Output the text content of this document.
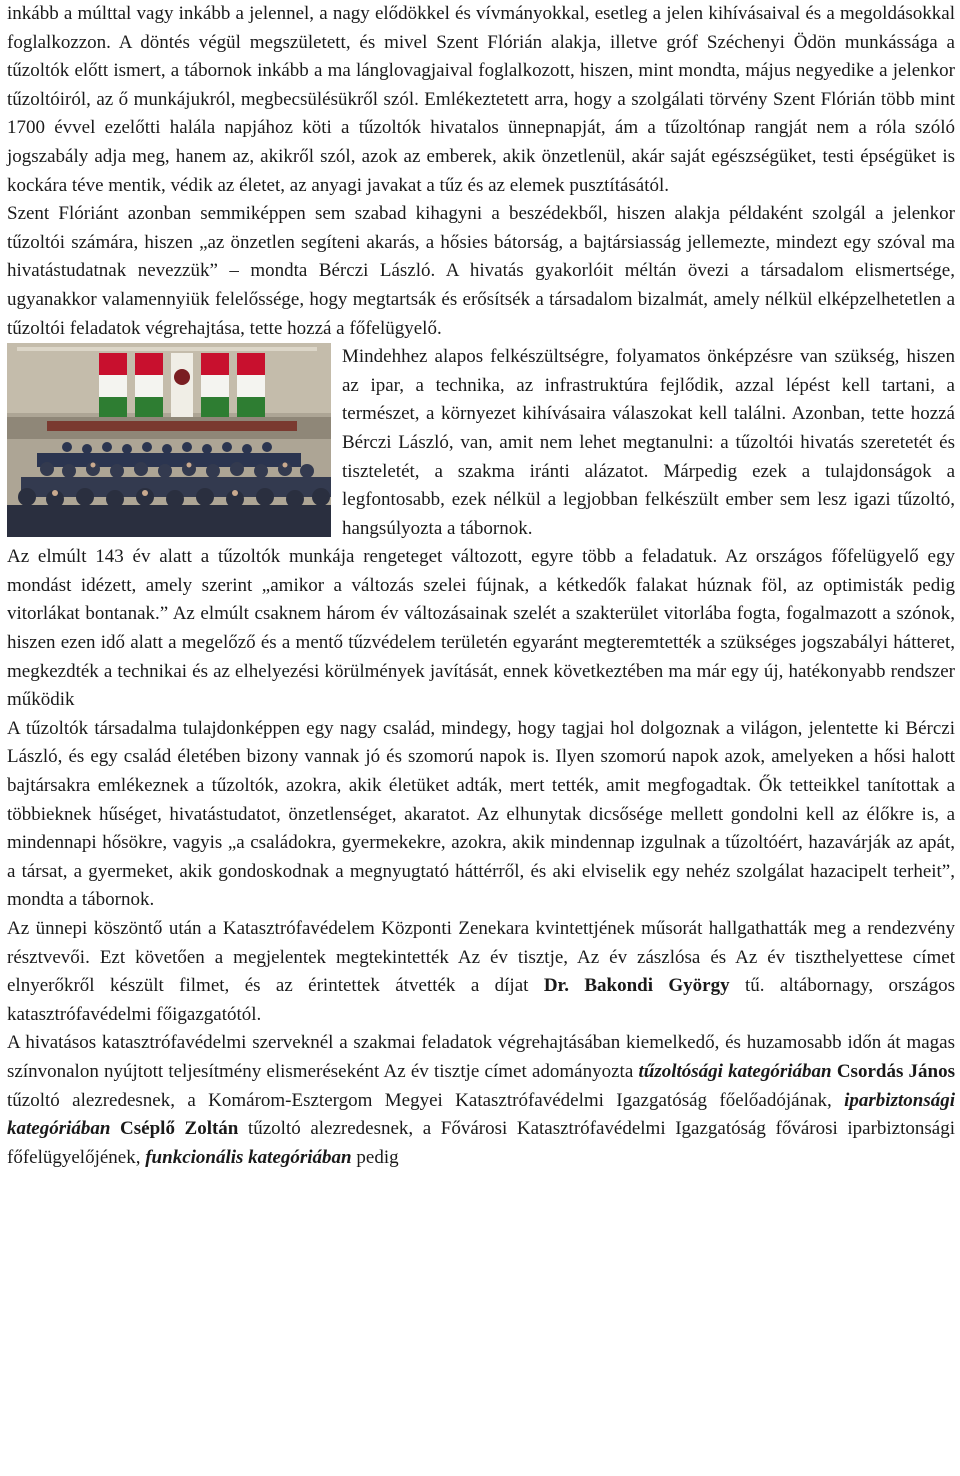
inkább a múlttal vagy inkább a jelennel, a nagy elődökkel és vívmányokkal, esetleg a jelen kihívásaival és a megoldásokkal foglalkozzon. A döntés végül megszületett, és mivel Szent Flórián alakja, illetve gróf Széchenyi Ödön munkássága a tűzoltók előtt ismert, a tábornok inkább a ma lánglovagjaival foglalkozott, hiszen, mint mondta, május negyedike a jelenkor tűzoltóiról, az ő munkájukról, megbecsülésükről szól. Emlékeztetett arra, hogy a szolgálati törvény Szent Flórián több mint 1700 évvel ezelőtti halála napjához köti a tűzoltók hivatalos ünnepnapját, ám a tűzoltónap rangját nem a róla szóló jogszabály adja meg, hanem az, akikről szól, azok az emberek, akik önzetlenül, akár saját egészségüket, testi épségüket is kockára téve mentik, védik az életet, az anyagi javakat a tűz és az elemek pusztításától.

Szent Flóriánt azonban semmiképpen sem szabad kihagyni a beszédekből, hiszen alakja példaként szolgál a jelenkor tűzoltói számára, hiszen „az önzetlen segíteni akarás, a hősies bátorság, a bajtársiasság jellemezte, mindezt egy szóval ma hivatástudatnak nevezzük” – mondta Bérczi László. A hivatás gyakorlóit méltán övezi a társadalom elismertsége, ugyanakkor valamennyiük felelőssége, hogy megtartsák és erősítsék a társadalom bizalmát, amely nélkül elképzelhetetlen a tűzoltói feladatok végrehajtása, tette hozzá a főfelügyelő.

Mindehhez alapos felkészültségre, folyamatos önképzésre van szükség, hiszen az ipar, a technika, az infrastruktúra fejlődik, azzal lépést kell tartani, a természet, a környezet kihívásaira válaszokat kell találni. Azonban, tette hozzá Bérczi László, van, amit nem lehet megtanulni: a tűzoltói hivatás szeretetét és tiszteletét, a szakma iránti alázatot. Márpedig ezek a tulajdonságok a legfontosabb, ezek nélkül a legjobban felkészült ember sem lesz igazi tűzoltó, hangsúlyozta a tábornok.

Az elmúlt 143 év alatt a tűzoltók munkája rengeteget változott, egyre több a feladatuk. Az országos főfelügyelő egy mondást idézett, amely szerint „amikor a változás szelei fújnak, a kétkedők falakat húznak föl, az optimisták pedig vitorlákat bontanak.” Az elmúlt csaknem három év változásainak szelét a szakterület vitorlába fogta, fogalmazott a szónok, hiszen ezen idő alatt a megelőző és a mentő tűzvédelem területén egyaránt megteremtették a szükséges jogszabályi hátteret, megkezdték a technikai és az elhelyezési körülmények javítását, ennek következtében ma már egy új, hatékonyabb rendszer működik

A tűzoltók társadalma tulajdonképpen egy nagy család, mindegy, hogy tagjai hol dolgoznak a világon, jelentette ki Bérczi László, és egy család életében bizony vannak jó és szomorú napok is. Ilyen szomorú napok azok, amelyeken a hősi halott bajtársakra emlékeznek a tűzoltók, azokra, akik életüket adták, mert tették, amit megfogadtak. Ők tetteikkel tanítottak a többieknek hűséget, hivatástudatot, önzetlenséget, akaratot. Az elhunytak dicsősége mellett gondolni kell az élőkre is, a mindennapi hősökre, vagyis „a családokra, gyermekekre, azokra, akik mindennap izgulnak a tűzoltóért, hazavárják az apát, a társat, a gyermeket, akik gondoskodnak a megnyugtató háttérről, és aki elviselik egy nehéz szolgálat hazacipelt terheit”, mondta a tábornok.

Az ünnepi köszöntő után a Katasztrófavédelem Központi Zenekara kvintettjének műsorát hallgathatták meg a rendezvény résztvevői. Ezt követően a megjelentek megtekintették Az év tisztje, Az év zászlósa és Az év tiszthelyettese címet elnyerőkről készült filmet, és az érintettek átvették a díjat Dr. Bakondi György tű. altábornagy, országos katasztrófavédelmi főigazgatótól.

A hivatásos katasztrófavédelmi szerveknél a szakmai feladatok végrehajtásában kiemelkedő, és huzamosabb időn át magas színvonalon nyújtott teljesítmény elismeréseként Az év tisztje címet adományozta tűzoltósági kategóriában Csordás János tűzoltó alezredesnek, a Komárom-Esztergom Megyei Katasztrófavédelmi Igazgatóság főelőadójának, iparbiztonsági kategóriában Cséplő Zoltán tűzoltó alezredesnek, a Fővárosi Katasztrófavédelmi Igazgatóság fővárosi iparbiztonsági főfelügyelőjének, funkcionális kategóriában pedig
